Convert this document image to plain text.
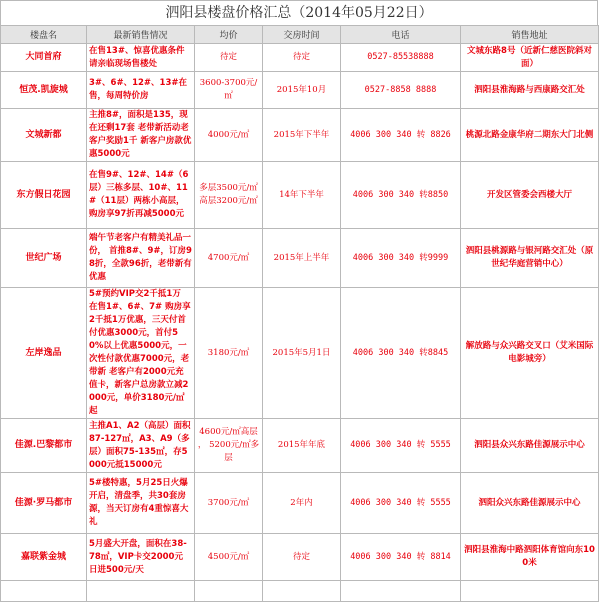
泗阳县楼盘价格汇总（2014年05月22日）
楼盘名	最新销售情况	均价	交房时间	电话	销售地址
大同首府	在售13#、惊喜优惠条件请亲临现场售楼处	待定	待定	0527-85538888	文城东路8号（近新仁慈医院斜对面）
恒茂.凯旋城	3#、6#、12#、13#在售，每周特价房	3600-3700元/㎡	2015年10月	0527-8858 8888	泗阳县淮海路与西康路交汇处
文城新都	主推8#，面积是135，现在还剩17套 老带新活动老客户奖励1千 新客户房款优惠5000元	4000元/㎡	2015年下半年	4006 300 340 转 8826	桃源北路金康华府二期东大门北侧
东方假日花园	在售9#、12#、14#（6层）三栋多层、10#、11#（11层）两栋小高层，购房享97折再减5000元	多层3500元/㎡ 高层3200元/㎡	14年下半年	4006 300 340 转8850	开发区管委会西楼大厅
世纪广场	端午节老客户有精美礼品一份， 首推8#、9#，订房98折，全款96折，老带新有优惠	4700元/㎡	2015年上半年	4006 300 340 转9999	泗阳县桃源路与银河路交汇处（原世纪华庭营销中心）
左岸逸品	5#预约VIP交2千抵1万 在售1#、6#、7# 购房享2千抵1万优惠，三天付首付优惠3000元，首付50%以上优惠5000元，一次性付款优惠7000元，老带新 老客户有2000元充值卡，新客户总房款立减2000元，单价3180元/㎡起	3180元/㎡	2015年5月1日	4006 300 340 转8845	解放路与众兴路交叉口（艾米国际电影城旁）
佳源.巴黎都市	主推A1、A2（高层）面积87-127㎡，A3、A9（多层）面积75-135㎡，存5000元抵15000元	4600元/㎡高层 ， 5200元/㎡多层	2015年年底	4006 300 340 转 5555	泗阳县众兴东路佳源展示中心
佳源·罗马都市	5#楼特惠，5月25日火爆开启，清盘季，共30套房源，当天订房有4重惊喜大礼	3700元/㎡	2年内	4006 300 340 转 5555	泗阳众兴东路佳源展示中心
嘉联紫金城	5月盛大开盘，面积在38-78㎡，VIP卡交2000元 日进500元/天	4500元/㎡	待定	4006 300 340 转 8814	泗阳县淮海中路泗阳体育馆向东100米
